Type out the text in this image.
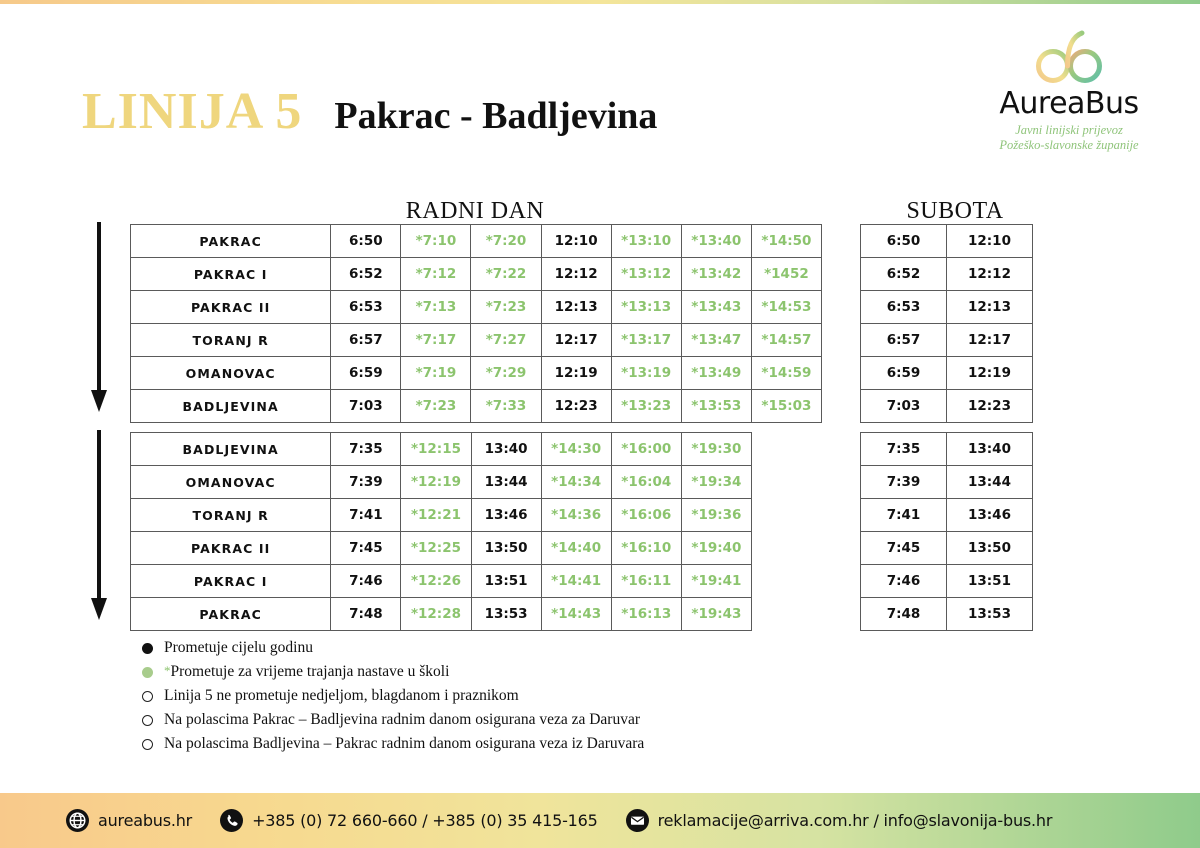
LINIJA 5 Pakrac - Badljevina	AureaBus
Javni linijski prijevoz
Požeško-slavonske županije
RADNI DAN	SUBOTA
PAKRAC	6:50	*7:10	*7:20	12:10	*13:10	*13:40	*14:50
PAKRAC I	6:52	*7:12	*7:22	12:12	*13:12	*13:42	*1452
PAKRAC II	6:53	*7:13	*7:23	12:13	*13:13	*13:43	*14:53
TORANJ R	6:57	*7:17	*7:27	12:17	*13:17	*13:47	*14:57
OMANOVAC	6:59	*7:19	*7:29	12:19	*13:19	*13:49	*14:59
BADLJEVINA	7:03	*7:23	*7:33	12:23	*13:23	*13:53	*15:03
BADLJEVINA	7:35	*12:15	13:40	*14:30	*16:00	*19:30
OMANOVAC	7:39	*12:19	13:44	*14:34	*16:04	*19:34
TORANJ R	7:41	*12:21	13:46	*14:36	*16:06	*19:36
PAKRAC II	7:45	*12:25	13:50	*14:40	*16:10	*19:40
PAKRAC I	7:46	*12:26	13:51	*14:41	*16:11	*19:41
PAKRAC	7:48	*12:28	13:53	*14:43	*16:13	*19:43
6:50	12:10
6:52	12:12
6:53	12:13
6:57	12:17
6:59	12:19
7:03	12:23
7:35	13:40
7:39	13:44
7:41	13:46
7:45	13:50
7:46	13:51
7:48	13:53
Prometuje cijelu godinu
*Prometuje za vrijeme trajanja nastave u školi
Linija 5 ne prometuje nedjeljom, blagdanom i praznikom
Na polascima Pakrac – Badljevina radnim danom osigurana veza za Daruvar
Na polascima Badljevina – Pakrac radnim danom osigurana veza iz Daruvara
aureabus.hr	+385 (0) 72 660-660 / +385 (0) 35 415-165	reklamacije@arriva.com.hr / info@slavonija-bus.hr
